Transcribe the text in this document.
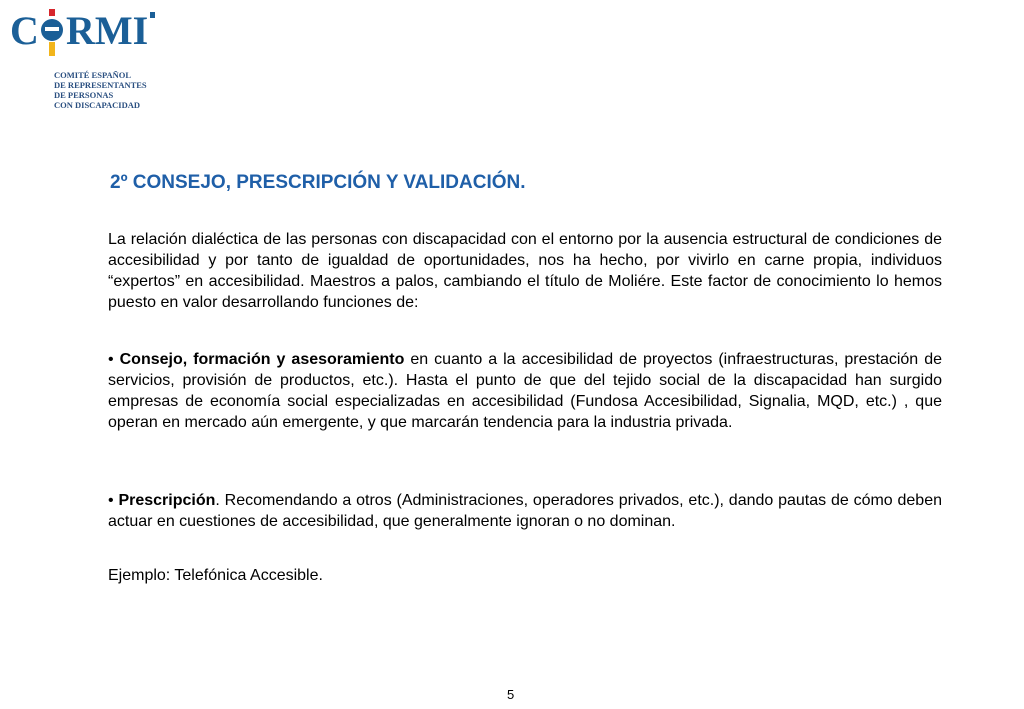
C RMI
COMITÉ ESPAÑOL
DE REPRESENTANTES
DE PERSONAS
CON DISCAPACIDAD
2º CONSEJO, PRESCRIPCIÓN Y VALIDACIÓN.
La relación dialéctica de las personas con discapacidad con el entorno por la ausencia estructural de condiciones de accesibilidad y por tanto de igualdad de oportunidades, nos ha hecho, por vivirlo en carne propia, individuos “expertos” en accesibilidad. Maestros a palos, cambiando el título de Moliére. Este factor de conocimiento lo hemos puesto en valor desarrollando funciones de:
• Consejo, formación y asesoramiento en cuanto a la accesibilidad de proyectos (infraestructuras, prestación de servicios, provisión de productos, etc.). Hasta el punto de que del tejido social de la discapacidad han surgido empresas de economía social especializadas en accesibilidad (Fundosa Accesibilidad, Signalia, MQD, etc.) , que operan en mercado aún emergente, y que marcarán tendencia para la industria privada.
• Prescripción. Recomendando a otros (Administraciones, operadores privados, etc.), dando pautas de cómo deben actuar en cuestiones de accesibilidad, que generalmente ignoran o no dominan.
Ejemplo: Telefónica Accesible.
5
